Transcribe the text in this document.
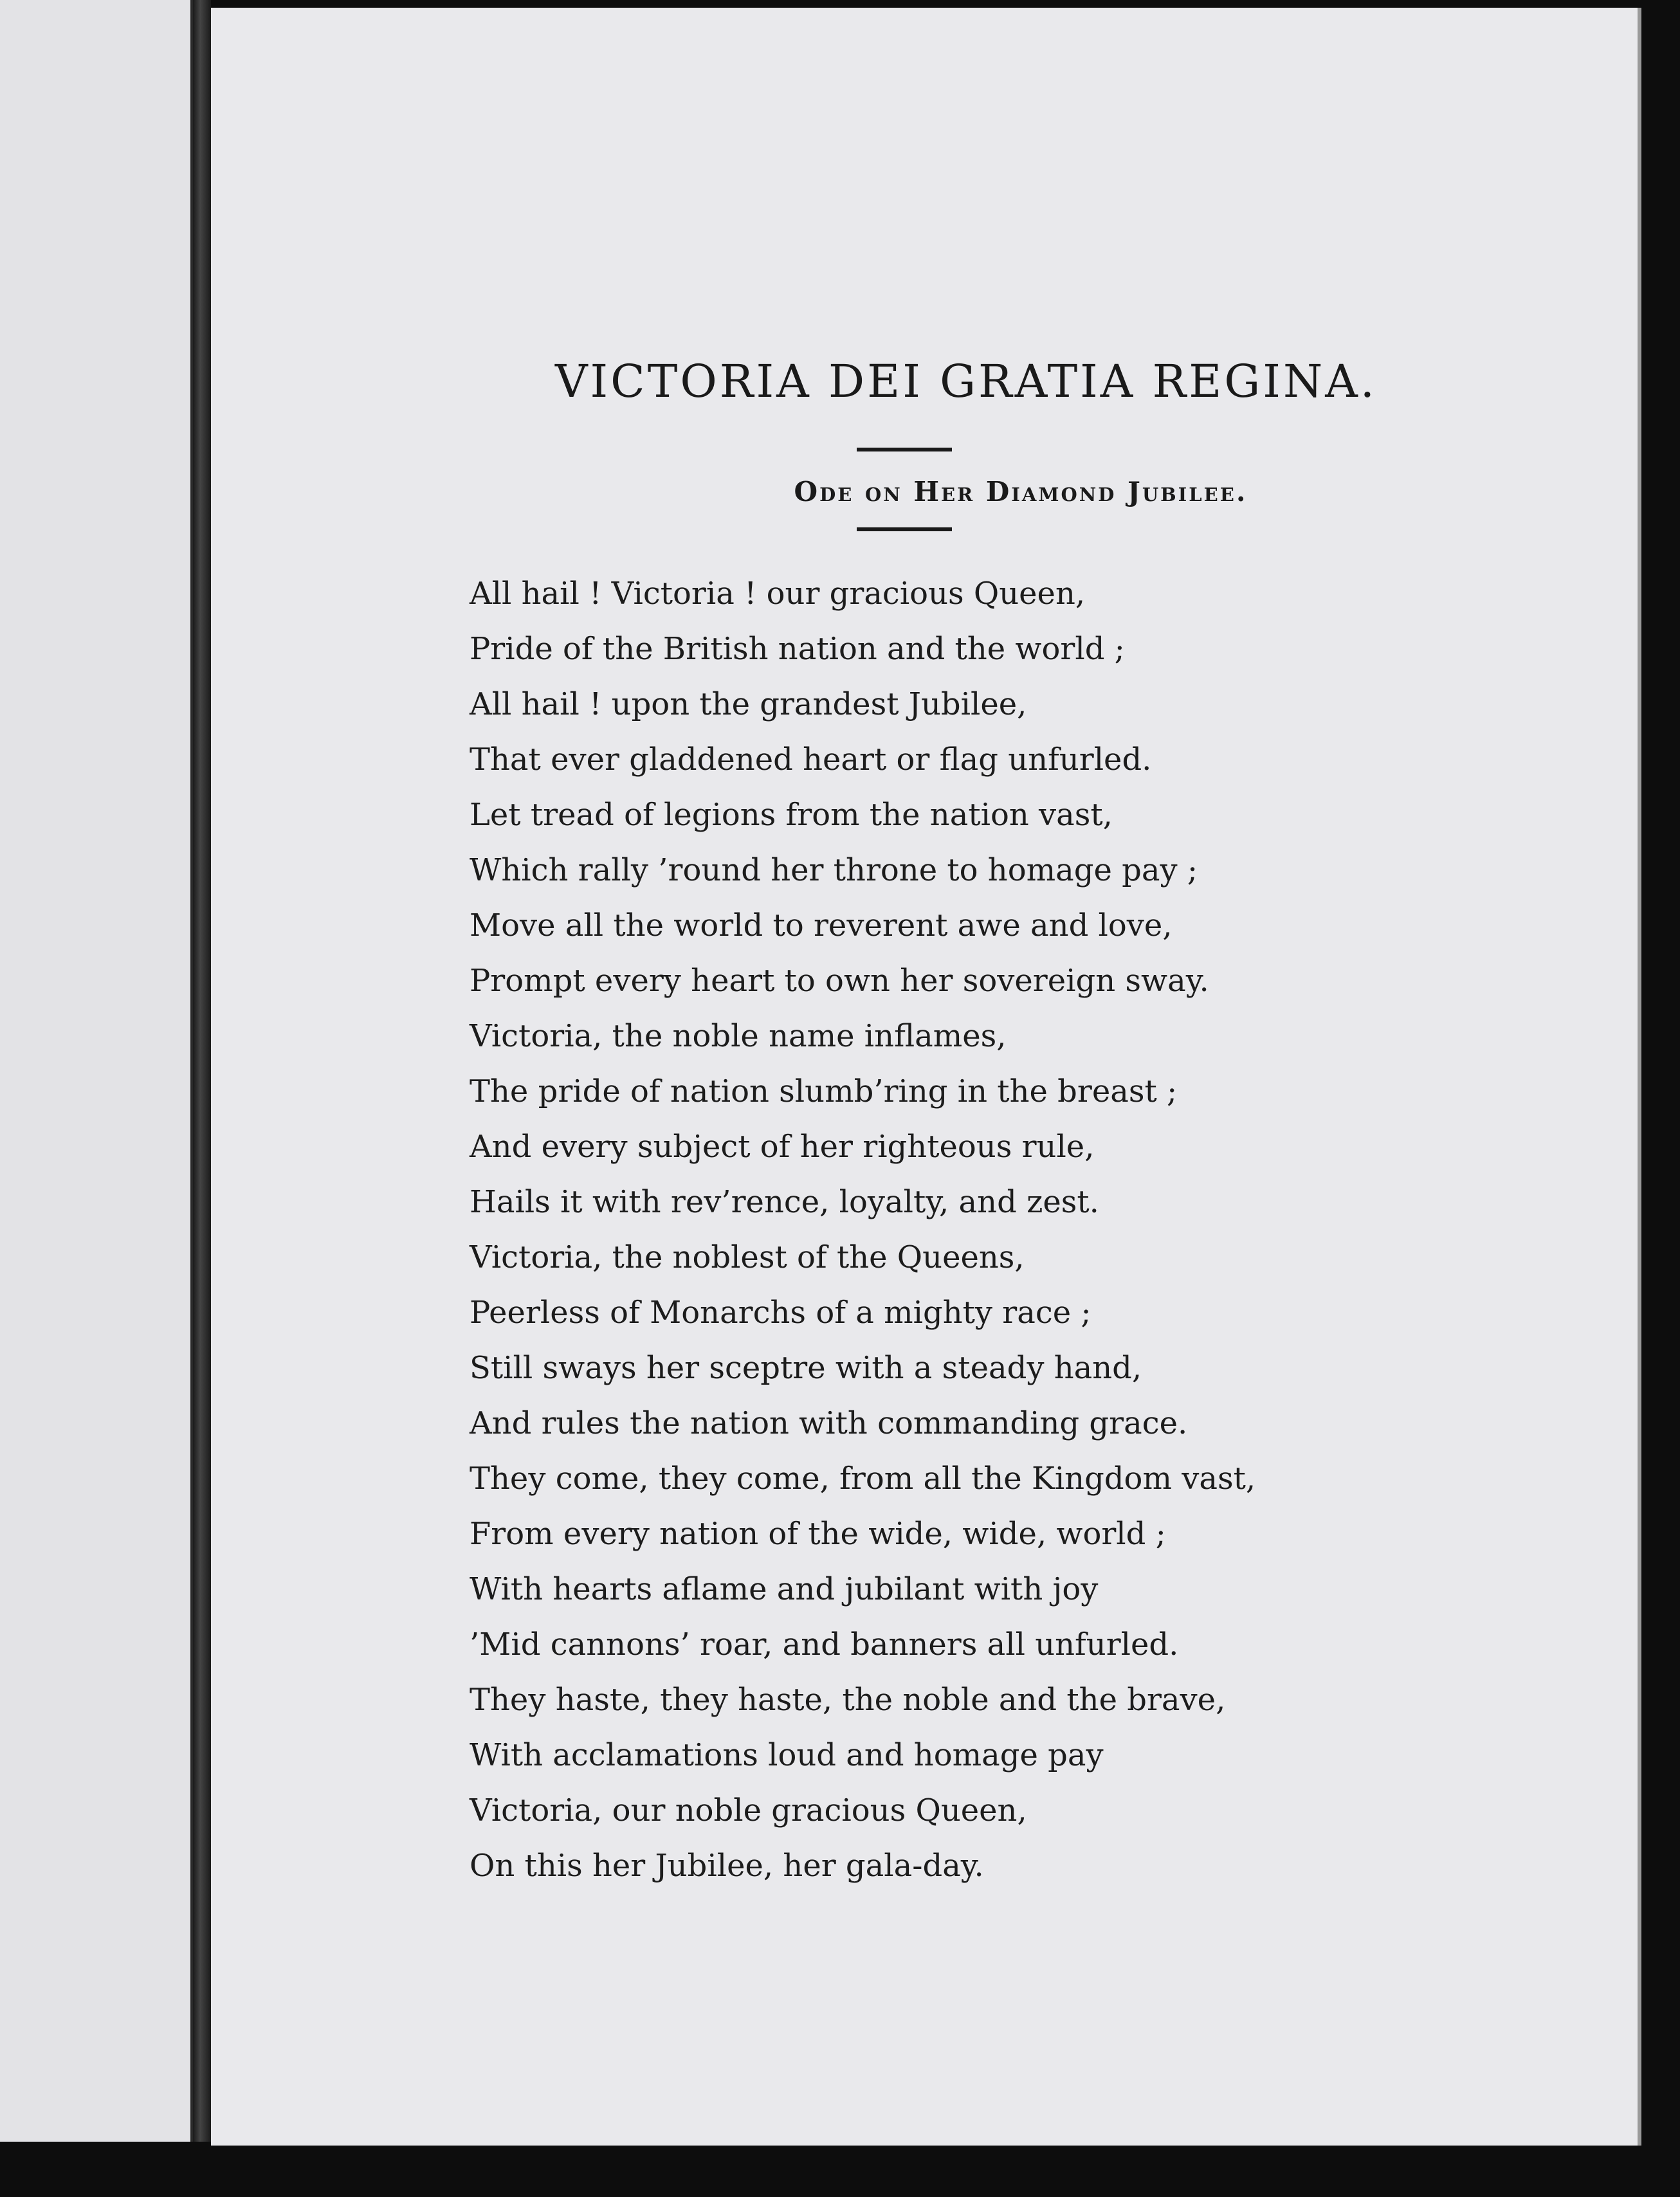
VICTORIA DEI GRATIA REGINA.
Ode on Her Diamond Jubilee.
All hail ! Victoria ! our gracious Queen,
Pride of the British nation and the world ;
All hail ! upon the grandest Jubilee,
That ever gladdened heart or flag unfurled.
Let tread of legions from the nation vast,
Which rally ’round her throne to homage pay ;
Move all the world to reverent awe and love,
Prompt every heart to own her sovereign sway.
Victoria, the noble name inflames,
The pride of nation slumb’ring in the breast ;
And every subject of her righteous rule,
Hails it with rev’rence, loyalty, and zest.
Victoria, the noblest of the Queens,
Peerless of Monarchs of a mighty race ;
Still sways her sceptre with a steady hand,
And rules the nation with commanding grace.
They come, they come, from all the Kingdom vast,
From every nation of the wide, wide, world ;
With hearts aflame and jubilant with joy
’Mid cannons’ roar, and banners all unfurled.
They haste, they haste, the noble and the brave,
With acclamations loud and homage pay
Victoria, our noble gracious Queen,
On this her Jubilee, her gala-day.
